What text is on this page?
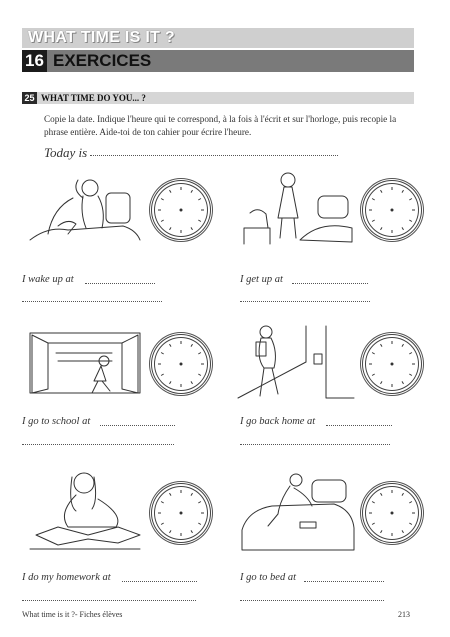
WHAT TIME IS IT ?
16 EXERCICES
25 WHAT TIME DO YOU... ?
Copie la date. Indique l'heure qui te correspond, à la fois à l'écrit et sur l'horloge, puis recopie la phrase entière. Aide-toi de ton cahier pour écrire l'heure.
Today is
I wake up at	I get up at
I go to school at	I go back home at
I do my homework at	I go to bed at
What time is it ?- Fiches élèves	213
